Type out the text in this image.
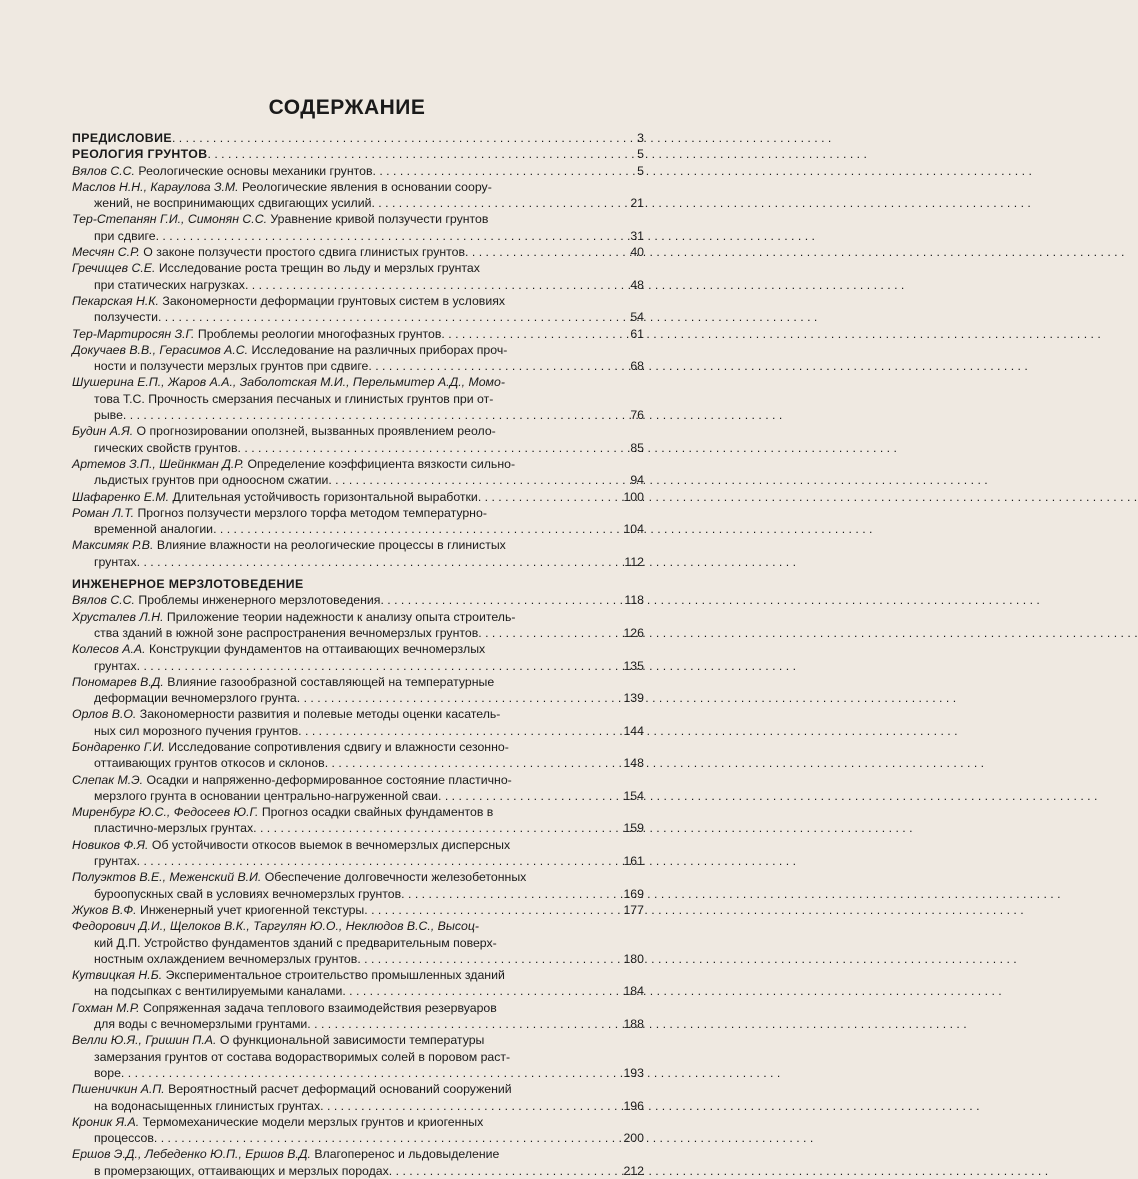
СОДЕРЖАНИЕ
ПРЕДИСЛОВИЕ . . .	3
РЕОЛОГИЯ ГРУНТОВ . . .	5
Вялов С.С. Реологические основы механики грунтов . . .	5
Маслов Н.Н., Караулова З.М. Реологические явления в основании соору-
жений, не воспринимающих сдвигающих усилий . . .	21
Тер-Степанян Г.И., Симонян С.С. Уравнение кривой ползучести грунтов
при сдвиге . . .	31
Месчян С.Р. О законе ползучести простого сдвига глинистых грунтов . . .	40
Гречищев С.Е. Исследование роста трещин во льду и мерзлых грунтах
при статических нагрузках . . .	48
Пекарская Н.К. Закономерности деформации грунтовых систем в условиях
ползучести . . .	54
Тер-Мартиросян З.Г. Проблемы реологии многофазных грунтов . . .	61
Докучаев В.В., Герасимов А.С. Исследование на различных приборах проч-
ности и ползучести мерзлых грунтов при сдвиге . . .	68
Шушерина Е.П., Жаров А.А., Заболотская М.И., Перельмитер А.Д., Момо-
това Т.С. Прочность смерзания песчаных и глинистых грунтов при от-
рыве . . .	76
Будин А.Я. О прогнозировании оползней, вызванных проявлением реоло-
гических свойств грунтов . . .	85
Артемов З.П., Шейнкман Д.Р. Определение коэффициента вязкости сильно-
льдистых грунтов при одноосном сжатии . . .	94
Шафаренко Е.М. Длительная устойчивость горизонтальной выработки . . .	100
Роман Л.Т. Прогноз ползучести мерзлого торфа методом температурно-
временной аналогии . . .	104
Максимяк Р.В. Влияние влажности на реологические процессы в глинистых
грунтах . . .	112
ИНЖЕНЕРНОЕ МЕРЗЛОТОВЕДЕНИЕ
Вялов С.С. Проблемы инженерного мерзлотоведения . . .	118
Хрусталев Л.Н. Приложение теории надежности к анализу опыта строитель-
ства зданий в южной зоне распространения вечномерзлых грунтов . . .	126
Колесов А.А. Конструкции фундаментов на оттаивающих вечномерзлых
грунтах . . .	135
Пономарев В.Д. Влияние газообразной составляющей на температурные
деформации вечномерзлого грунта . . .	139
Орлов В.О. Закономерности развития и полевые методы оценки касатель-
ных сил морозного пучения грунтов . . .	144
Бондаренко Г.И. Исследование сопротивления сдвигу и влажности сезонно-
оттаивающих грунтов откосов и склонов . . .	148
Слепак М.Э. Осадки и напряженно-деформированное состояние пластично-
мерзлого грунта в основании центрально-нагруженной сваи . . .	154
Миренбург Ю.С., Федосеев Ю.Г. Прогноз осадки свайных фундаментов в
пластично-мерзлых грунтах . . .	159
Новиков Ф.Я. Об устойчивости откосов выемок в вечномерзлых дисперсных
грунтах . . .	161
Полуэктов В.Е., Меженский В.И. Обеспечение долговечности железобетонных
буроопускных свай в условиях вечномерзлых грунтов . . .	169
Жуков В.Ф. Инженерный учет криогенной текстуры . . .	177
Федорович Д.И., Щелоков В.К., Таргулян Ю.О., Неклюдов В.С., Высоц-
кий Д.П. Устройство фундаментов зданий с предварительным поверх-
ностным охлаждением вечномерзлых грунтов . . .	180
Кутвицкая Н.Б. Экспериментальное строительство промышленных зданий
на подсыпках с вентилируемыми каналами . . .	184
Гохман М.Р. Сопряженная задача теплового взаимодействия резервуаров
для воды с вечномерзлыми грунтами . . .	188
Велли Ю.Я., Гришин П.А. О функциональной зависимости температуры
замерзания грунтов от состава водорастворимых солей в поровом раст-
воре . . .	193
Пшеничкин А.П. Вероятностный расчет деформаций оснований сооружений
на водонасыщенных глинистых грунтах . . .	196
Кроник Я.А. Термомеханические модели мерзлых грунтов и криогенных
процессов . . .	200
Ершов Э.Д., Лебеденко Ю.П., Ершов В.Д. Влагоперенос и льдовыделение
в промерзающих, оттаивающих и мерзлых породах . . .	212
